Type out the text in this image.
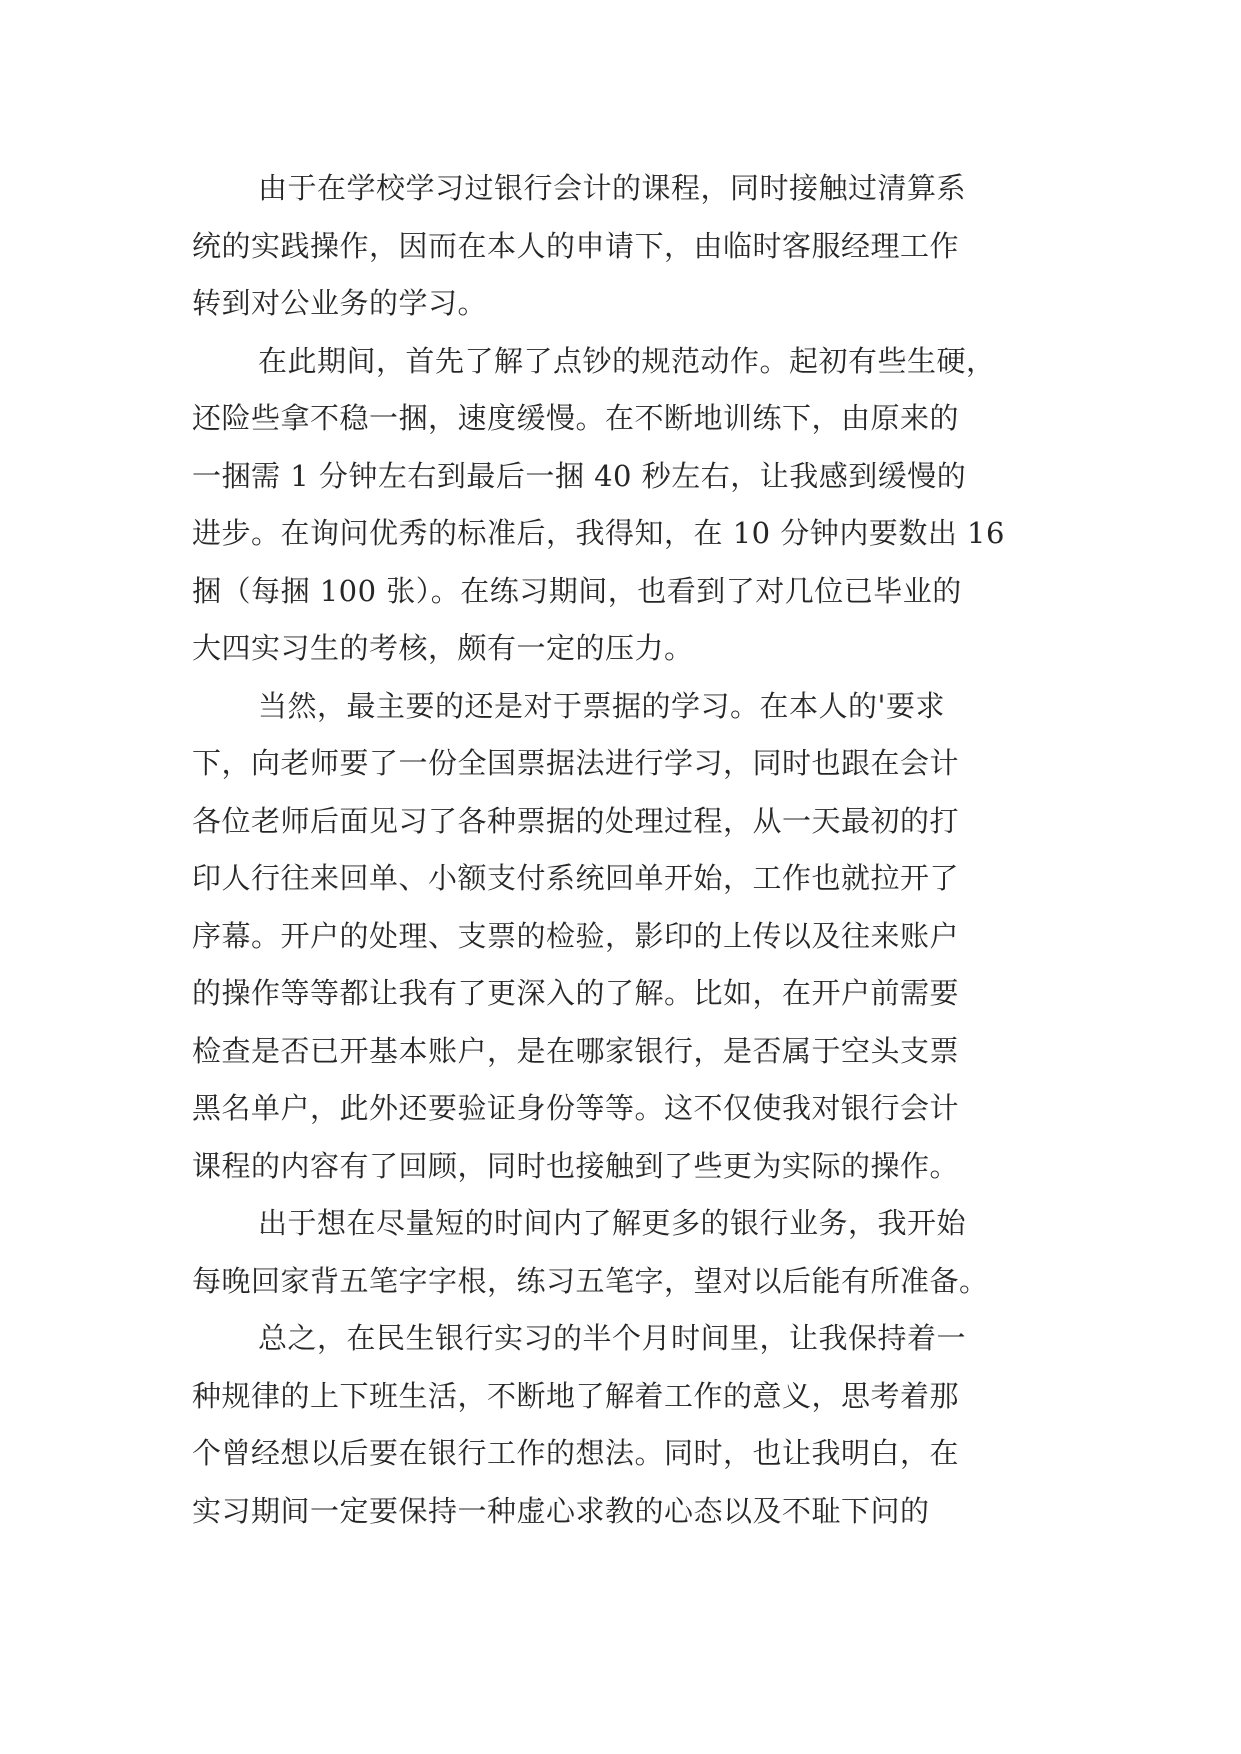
由于在学校学习过银行会计的课程，同时接触过清算系
统的实践操作，因而在本人的申请下，由临时客服经理工作
转到对公业务的学习。
在此期间，首先了解了点钞的规范动作。起初有些生硬，
还险些拿不稳一捆，速度缓慢。在不断地训练下，由原来的
一捆需 1 分钟左右到最后一捆 40 秒左右，让我感到缓慢的
进步。在询问优秀的标准后，我得知，在 10 分钟内要数出 16
捆（每捆 100 张）。在练习期间，也看到了对几位已毕业的
大四实习生的考核，颇有一定的压力。
当然，最主要的还是对于票据的学习。在本人的'要求
下，向老师要了一份全国票据法进行学习，同时也跟在会计
各位老师后面见习了各种票据的处理过程，从一天最初的打
印人行往来回单、小额支付系统回单开始，工作也就拉开了
序幕。开户的处理、支票的检验，影印的上传以及往来账户
的操作等等都让我有了更深入的了解。比如，在开户前需要
检查是否已开基本账户，是在哪家银行，是否属于空头支票
黑名单户，此外还要验证身份等等。这不仅使我对银行会计
课程的内容有了回顾，同时也接触到了些更为实际的操作。
出于想在尽量短的时间内了解更多的银行业务，我开始
每晚回家背五笔字字根，练习五笔字，望对以后能有所准备。
总之，在民生银行实习的半个月时间里，让我保持着一
种规律的上下班生活，不断地了解着工作的意义，思考着那
个曾经想以后要在银行工作的想法。同时，也让我明白，在
实习期间一定要保持一种虚心求教的心态以及不耻下问的
